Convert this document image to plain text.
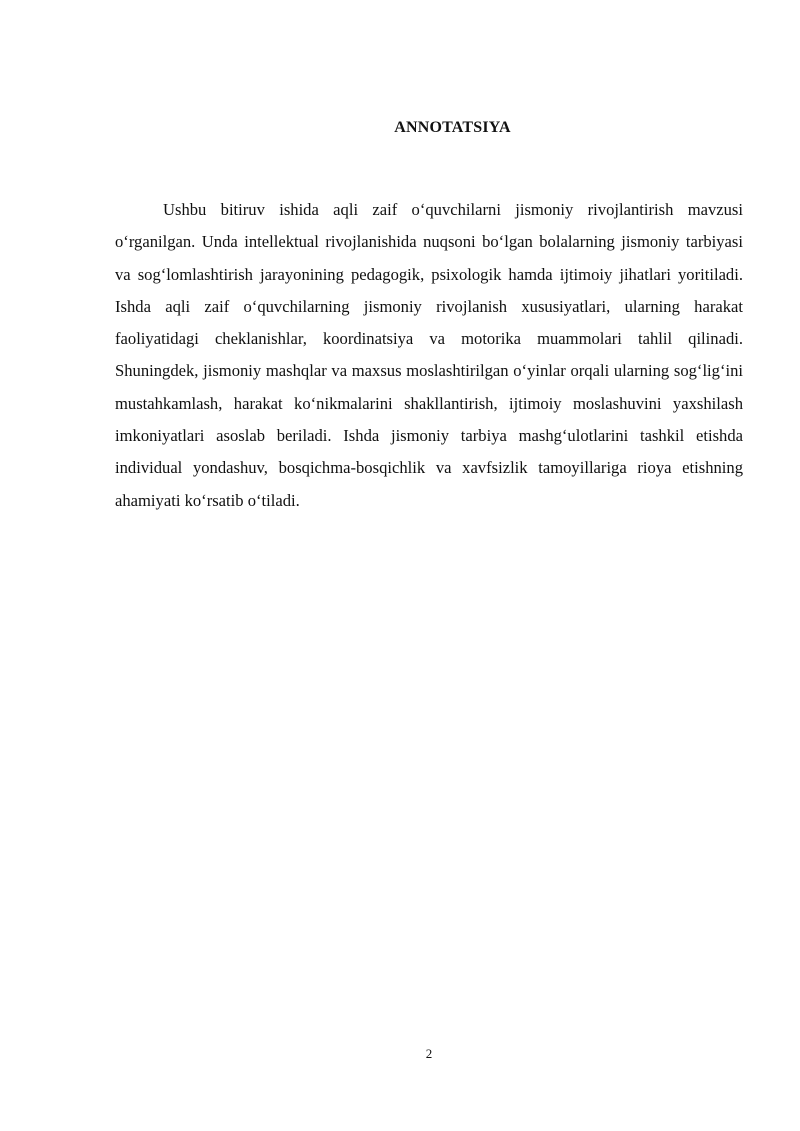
ANNOTATSIYA

Ushbu bitiruv ishida aqli zaif o‘quvchilarni jismoniy rivojlantirish mavzusi o‘rganilgan. Unda intellektual rivojlanishida nuqsoni bo‘lgan bolalarning jismoniy tarbiyasi va sog‘lomlashtirish jarayonining pedagogik, psixologik hamda ijtimoiy jihatlari yoritiladi. Ishda aqli zaif o‘quvchilarning jismoniy rivojlanish xususiyatlari, ularning harakat faoliyatidagi cheklanishlar, koordinatsiya va motorika muammolari tahlil qilinadi. Shuningdek, jismoniy mashqlar va maxsus moslashtirilgan o‘yinlar orqali ularning sog‘lig‘ini mustahkamlash, harakat ko‘nikmalarini shakllantirish, ijtimoiy moslashuvini yaxshilash imkoniyatlari asoslab beriladi. Ishda jismoniy tarbiya mashg‘ulotlarini tashkil etishda individual yondashuv, bosqichma-bosqichlik va xavfsizlik tamoyillariga rioya etishning ahamiyati ko‘rsatib o‘tiladi.

2
